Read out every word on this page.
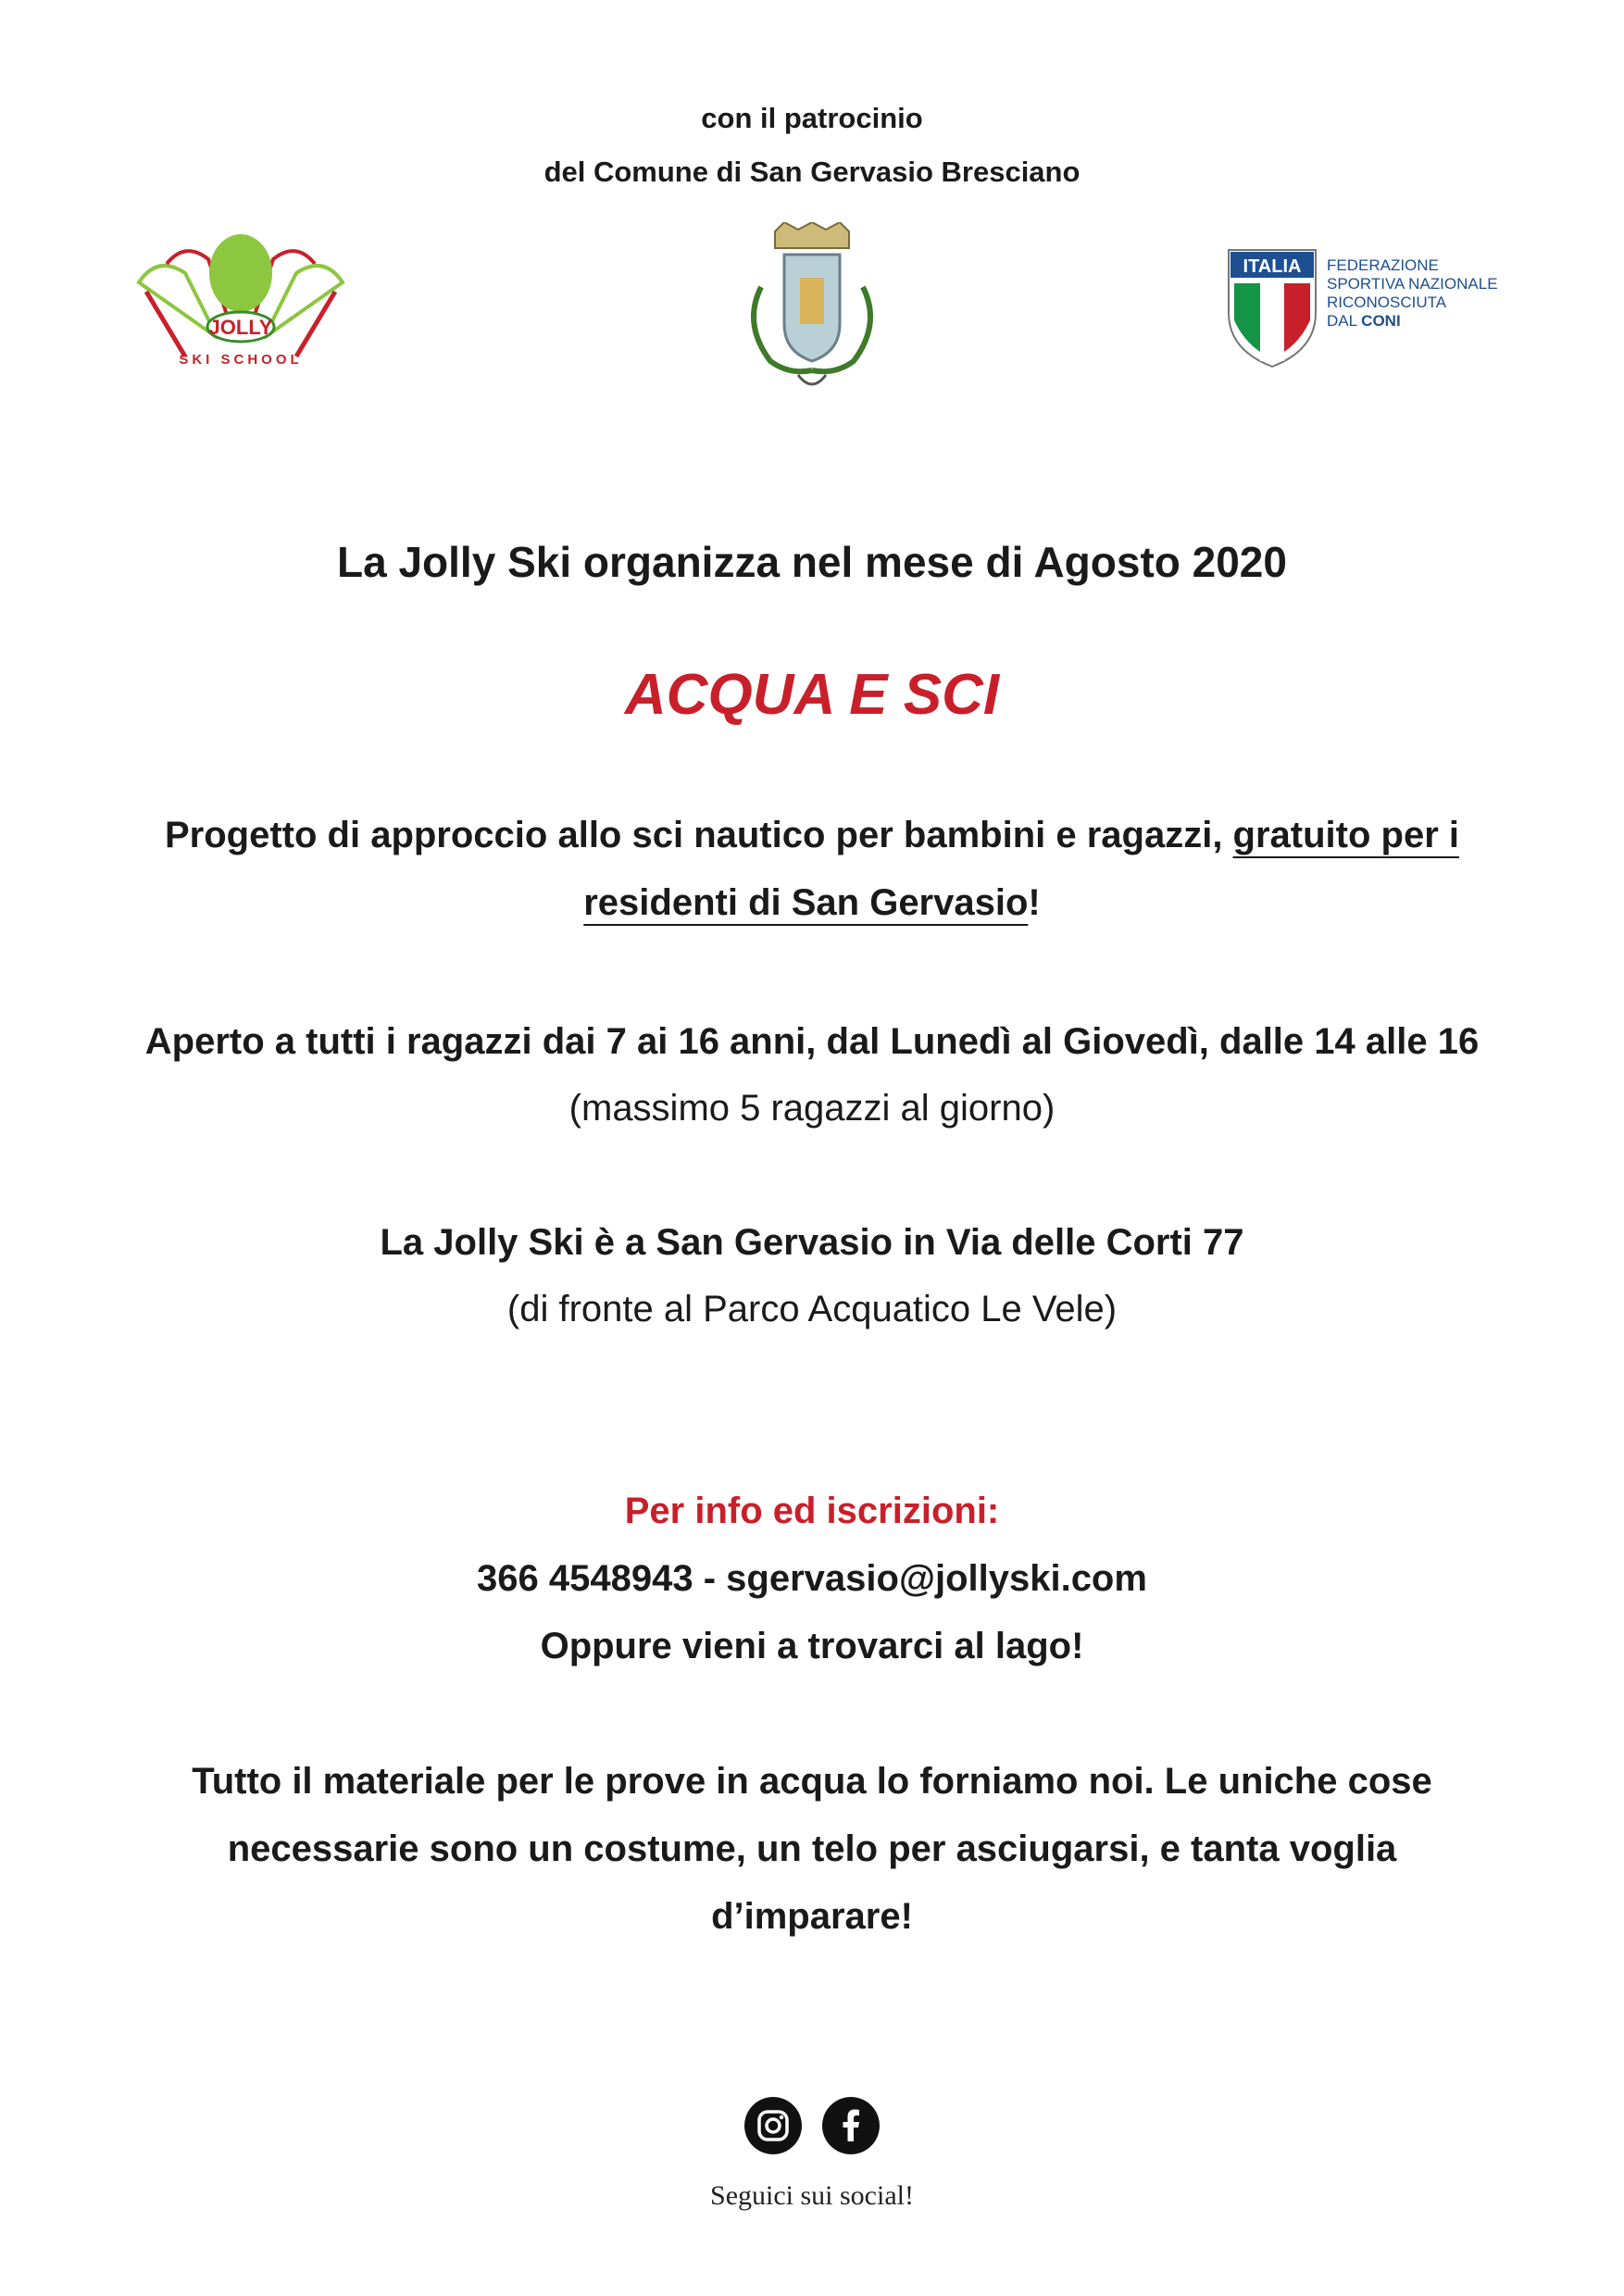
con il patrocinio
del Comune di San Gervasio Bresciano
JOLLY
SKI SCHOOL
ITALIA FEDERAZIONE
SPORTIVA NAZIONALE
RICONOSCIUTA
DAL CONI
La Jolly Ski organizza nel mese di Agosto 2020
ACQUA E SCI
Progetto di approccio allo sci nautico per bambini e ragazzi, gratuito per i
residenti di San Gervasio!
Aperto a tutti i ragazzi dai 7 ai 16 anni, dal Lunedì al Giovedì, dalle 14 alle 16
(massimo 5 ragazzi al giorno)
La Jolly Ski è a San Gervasio in Via delle Corti 77
(di fronte al Parco Acquatico Le Vele)
Per info ed iscrizioni:
366 4548943 - sgervasio@jollyski.com
Oppure vieni a trovarci al lago!
Tutto il materiale per le prove in acqua lo forniamo noi. Le uniche cose
necessarie sono un costume, un telo per asciugarsi, e tanta voglia
d’imparare!
Seguici sui social!
